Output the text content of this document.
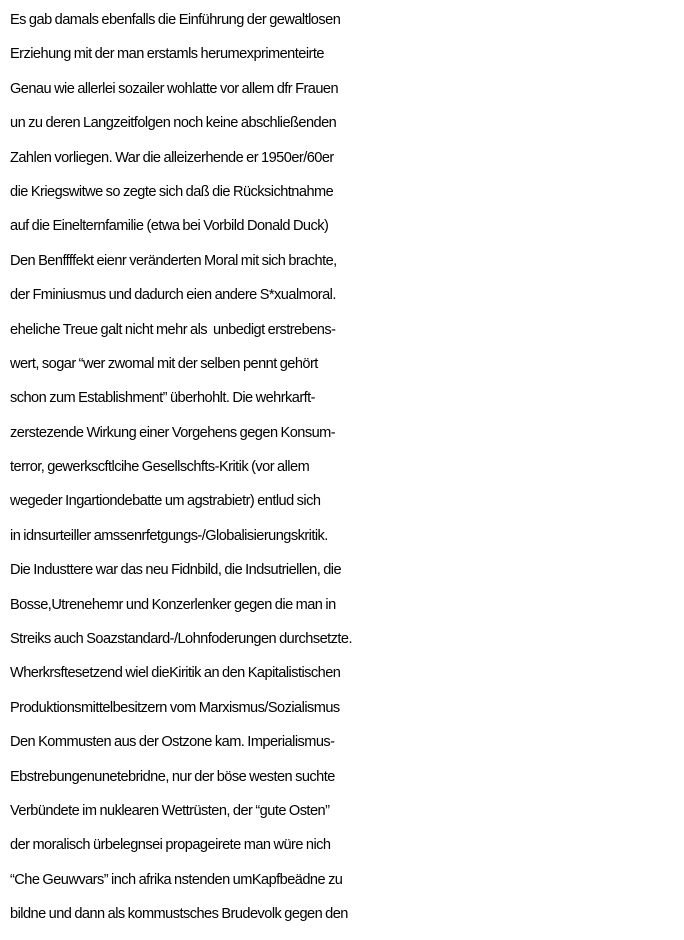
Es gab damals ebenfalls die Einführung der gewaltlosen
Erziehung mit der man erstamls herumexprimenteirte
Genau wie allerlei sozailer wohlatte vor allem dfr Frauen
un zu deren Langzeitfolgen noch keine abschließenden
Zahlen vorliegen. War die alleizerhende er 1950er/60er
die Kriegswitwe so zegte sich daß die Rücksichtnahme
auf die Einelternfamilie (etwa bei Vorbild Donald Duck)
Den Benffffekt eienr veränderten Moral mit sich brachte,
der Fminiusmus und dadurch eien andere S*xualmoral.
eheliche Treue galt nicht mehr als  unbedigt erstrebens-
wert, sogar “wer zwomal mit der selben pennt gehört
schon zum Establishment” überhohlt. Die wehrkarft-
zerstezende Wirkung einer Vorgehens gegen Konsum-
terror, gewerkscftlcihe Gesellschfts-Kritik (vor allem
wegeder Ingartiondebatte um agstrabietr) entlud sich
in idnsurteiller amssenrfetgungs-/Globalisierungskritik.
Die Industtere war das neu Fidnbild, die Indsutriellen, die
Bosse,Utrenehemr und Konzerlenker gegen die man in
Streiks auch Soazstandard-/Lohnfoderungen durchsetzte.
Wherkrsftesetzend wiel dieKiritik an den Kapitalistischen
Produktionsmittelbesitzern vom Marxismus/Sozialismus
Den Kommusten aus der Ostzone kam. Imperialismus-
Ebstrebungenunetebridne, nur der böse westen suchte
Verbündete im nuklearen Wettrüsten, der “gute Osten”
der moralisch ürbelegnsei propageirete man würe nich
“Che Geuwvars” inch afrika nstenden umKapfbeädne zu
bildne und dann als kommustsches Brudevolk gegen den
